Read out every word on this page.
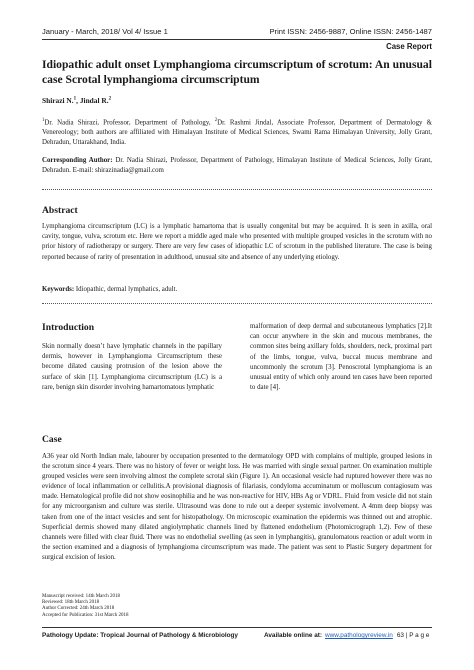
January - March, 2018/ Vol 4/ Issue 1	Print ISSN: 2456-9887, Online ISSN: 2456-1487
Case Report
Idiopathic adult onset Lymphangioma circumscriptum of scrotum: An unusual case Scrotal lymphangioma circumscriptum
Shirazi N.$^1$, Jindal R.$^2$
$^1$Dr. Nadia Shirazi, Professor, Department of Pathology, $^2$Dr. Rashmi Jindal, Associate Professor, Department of Dermatology & Venereology; both authors are affiliated with Himalayan Institute of Medical Sciences, Swami Rama Himalayan University, Jolly Grant, Dehradun, Uttarakhand, India.
Corresponding Author: Dr. Nadia Shirazi, Professor, Department of Pathology, Himalayan Institute of Medical Sciences, Jolly Grant, Dehradun. E-mail: shirazinadia@gmail.com
Abstract
Lymphangioma circumscriptum (LC) is a lymphatic hamartoma that is usually congenital but may be acquired. It is seen in axilla, oral cavity, tongue, vulva, scrotum etc. Here we report a middle aged male who presented with multiple grouped vesicles in the scrotum with no prior history of radiotherapy or surgery. There are very few cases of idiopathic LC of scrotum in the published literature. The case is being reported because of rarity of presentation in adulthood, unusual site and absence of any underlying etiology.
Keywords: Idiopathic, dermal lymphatics, adult.
Introduction
Skin normally doesn’t have lymphatic channels in the papillary dermis, however in Lymphangioma Circumscriptum these become dilated causing protrusion of the lesion above the surface of skin [1]. Lymphangioma circumscriptum (LC) is a rare, benign skin disorder involving hamartomatous lymphatic
malformation of deep dermal and subcutaneous lymphatics [2].It can occur anywhere in the skin and mucous membranes, the common sites being axillary folds, shoulders, neck, proximal part of the limbs, tongue, vulva, buccal mucus membrane and uncommonly the scrotum [3]. Penoscrotal lymphangioma is an unusual entity of which only around ten cases have been reported to date [4].
Case
A36 year old North Indian male, labourer by occupation presented to the dermatology OPD with complains of multiple, grouped lesions in the scrotum since 4 years. There was no history of fever or weight loss. He was married with single sexual partner. On examination multiple grouped vesicles were seen involving almost the complete scrotal skin (Figure 1). An occasional vesicle had ruptured however there was no evidence of local inflammation or cellulitis.A provisional diagnosis of filariasis, condyloma accuminatum or molluscum contagiosum was made. Hematological profile did not show eosinophilia and he was non-reactive for HIV, HBs Ag or VDRL. Fluid from vesicle did not stain for any microorganism and culture was sterile. Ultrasound was done to rule out a deeper systemic involvement. A 4mm deep biopsy was taken from one of the intact vesicles and sent for histopathology. On microscopic examination the epidermis was thinned out and atrophic. Superficial dermis showed many dilated angiolymphatic channels lined by flattened endothelium (Photomicrograph 1,2). Few of these channels were filled with clear fluid. There was no endothelial swelling (as seen in lymphangitis), granulomatous reaction or adult worm in the section examined and a diagnosis of lymphangioma circumscriptum was made. The patient was sent to Plastic Surgery department for surgical excision of lesion.
Manuscript received: 14th March 2018
Reviewed: 18th March 2018
Author Corrected: 24th March 2018
Accepted for Publication: 31st March 2018
Pathology Update: Tropical Journal of Pathology & Microbiology	Available online at: www.pathologyreview.in 63 | P a g e
